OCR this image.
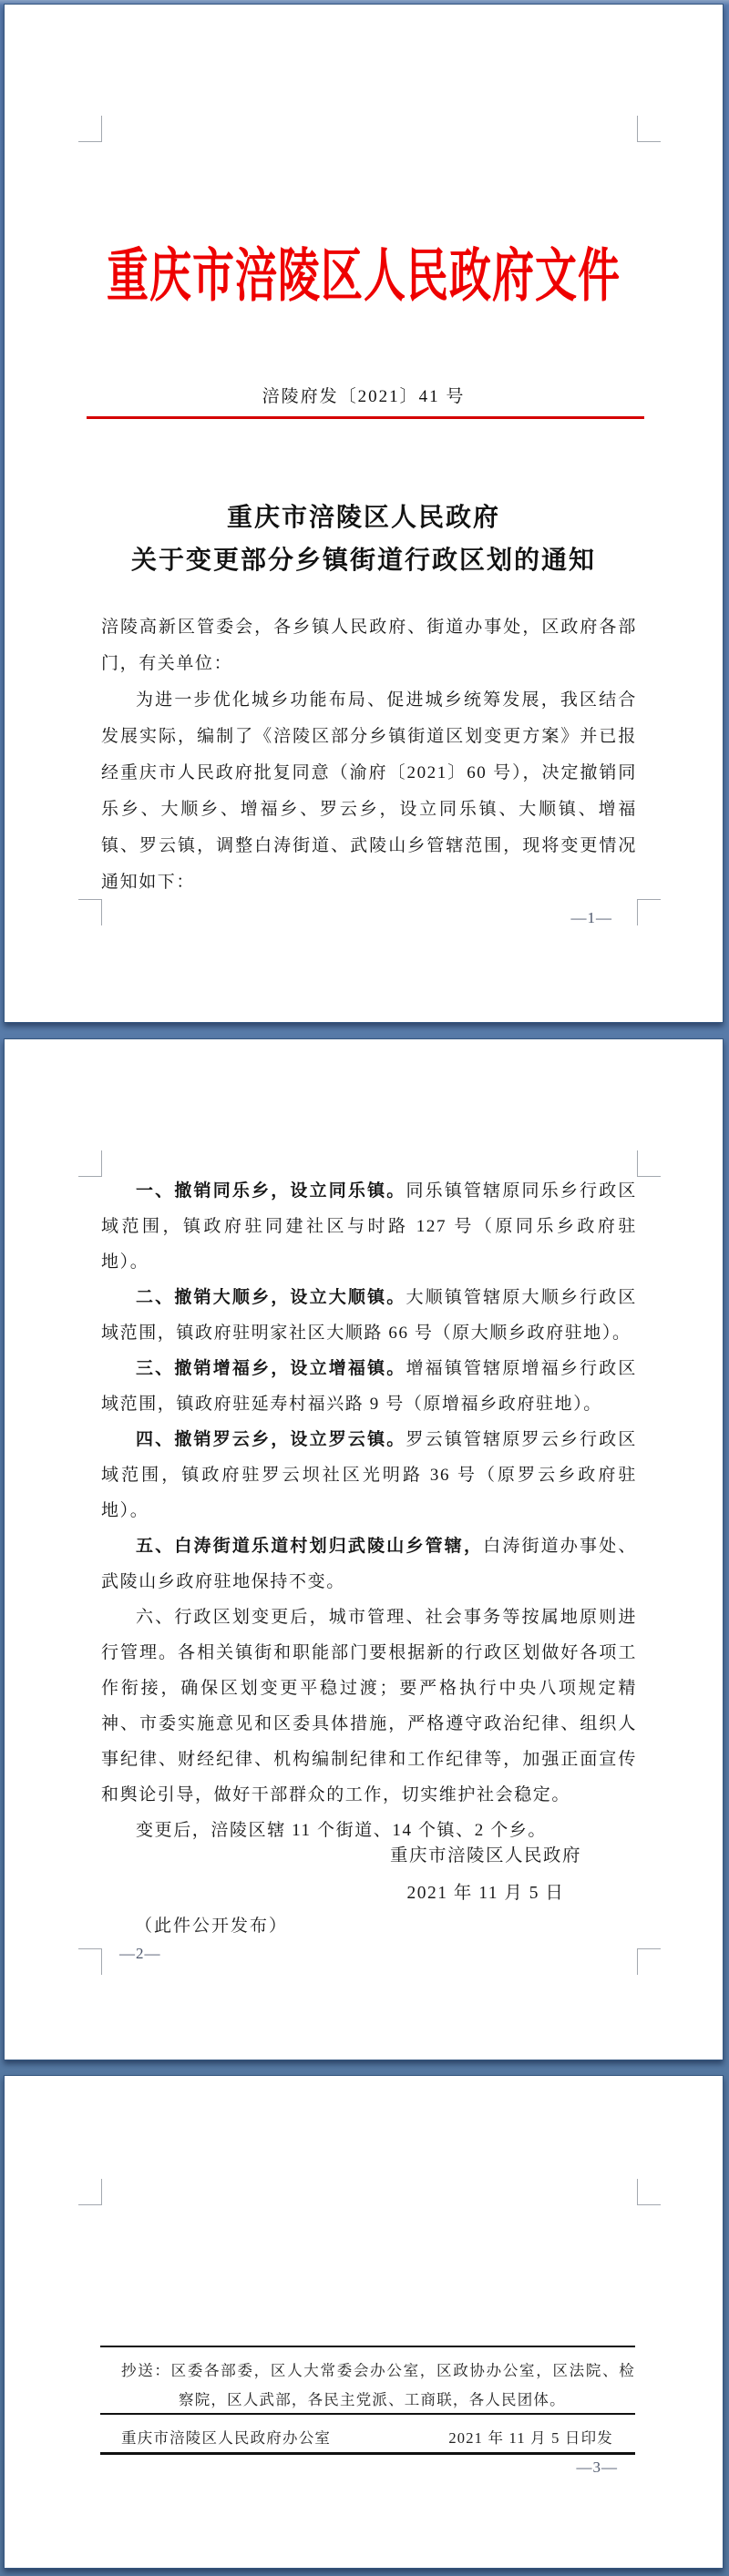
重庆市涪陵区人民政府文件
涪陵府发〔2021〕41 号
重庆市涪陵区人民政府
关于变更部分乡镇街道行政区划的通知

涪陵高新区管委会，各乡镇人民政府、街道办事处，区政府各部门，有关单位：

为进一步优化城乡功能布局、促进城乡统筹发展，我区结合发展实际，编制了《涪陵区部分乡镇街道区划变更方案》并已报经重庆市人民政府批复同意（渝府〔2021〕60 号），决定撤销同乐乡、大顺乡、增福乡、罗云乡，设立同乐镇、大顺镇、增福镇、罗云镇，调整白涛街道、武陵山乡管辖范围，现将变更情况通知如下：

—1—

一、撤销同乐乡，设立同乐镇。同乐镇管辖原同乐乡行政区域范围，镇政府驻同建社区与时路 127 号（原同乐乡政府驻地）。

二、撤销大顺乡，设立大顺镇。大顺镇管辖原大顺乡行政区域范围，镇政府驻明家社区大顺路 66 号（原大顺乡政府驻地）。

三、撤销增福乡，设立增福镇。增福镇管辖原增福乡行政区域范围，镇政府驻延寿村福兴路 9 号（原增福乡政府驻地）。

四、撤销罗云乡，设立罗云镇。罗云镇管辖原罗云乡行政区域范围，镇政府驻罗云坝社区光明路 36 号（原罗云乡政府驻地）。

五、白涛街道乐道村划归武陵山乡管辖，白涛街道办事处、武陵山乡政府驻地保持不变。

六、行政区划变更后，城市管理、社会事务等按属地原则进行管理。各相关镇街和职能部门要根据新的行政区划做好各项工作衔接，确保区划变更平稳过渡；要严格执行中央八项规定精神、市委实施意见和区委具体措施，严格遵守政治纪律、组织人事纪律、财经纪律、机构编制纪律和工作纪律等，加强正面宣传和舆论引导，做好干部群众的工作，切实维护社会稳定。

变更后，涪陵区辖 11 个街道、14 个镇、2 个乡。

重庆市涪陵区人民政府
2021 年 11 月 5 日
（此件公开发布）
—2—
抄送：区委各部委，区人大常委会办公室，区政协办公室，区法院、检察院，区人武部，各民主党派、工商联，各人民团体。
重庆市涪陵区人民政府办公室	2021 年 11 月 5 日印发
—3—
